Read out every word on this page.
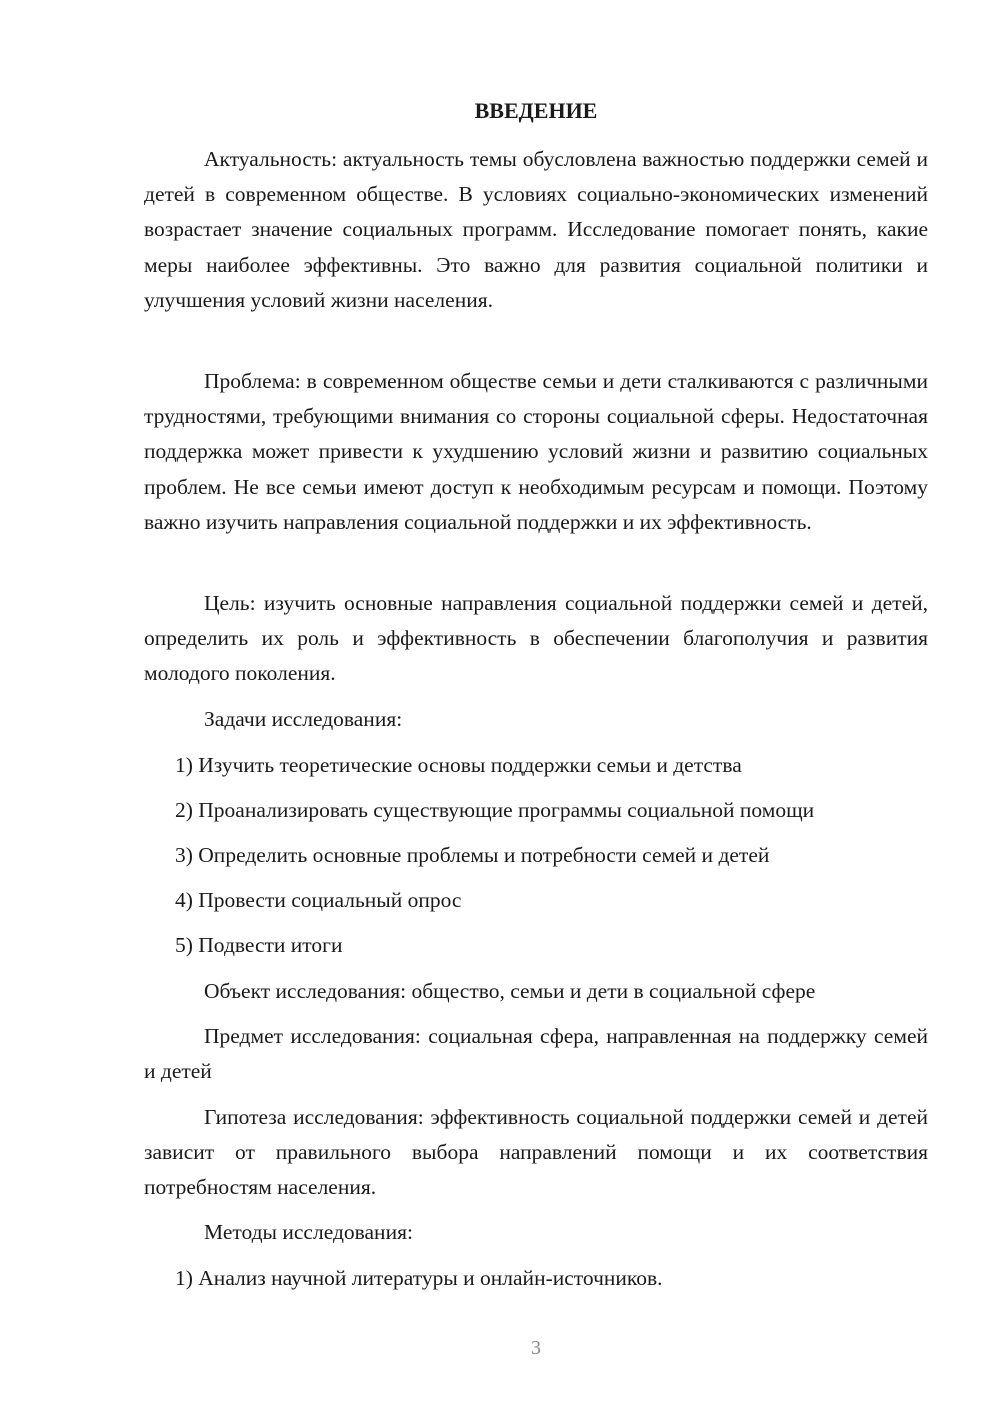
ВВЕДЕНИЕ

Актуальность: актуальность темы обусловлена важностью поддержки семей и детей в современном обществе. В условиях социально-экономических изменений возрастает значение социальных программ. Исследование помогает понять, какие меры наиболее эффективны. Это важно для развития социальной политики и улучшения условий жизни населения.

Проблема: в современном обществе семьи и дети сталкиваются с различными трудностями, требующими внимания со стороны социальной сферы. Недостаточная поддержка может привести к ухудшению условий жизни и развитию социальных проблем. Не все семьи имеют доступ к необходимым ресурсам и помощи. Поэтому важно изучить направления социальной поддержки и их эффективность.

Цель: изучить основные направления социальной поддержки семей и детей, определить их роль и эффективность в обеспечении благополучия и развития молодого поколения.

Задачи исследования:

1) Изучить теоретические основы поддержки семьи и детства

2) Проанализировать существующие программы социальной помощи

3) Определить основные проблемы и потребности семей и детей

4) Провести социальный опрос

5) Подвести итоги

Объект исследования: общество, семьи и дети в социальной сфере

Предмет исследования: социальная сфера, направленная на поддержку семей и детей

Гипотеза исследования: эффективность социальной поддержки семей и детей зависит от правильного выбора направлений помощи и их соответствия потребностям населения.

Методы исследования:

1) Анализ научной литературы и онлайн-источников.

3
